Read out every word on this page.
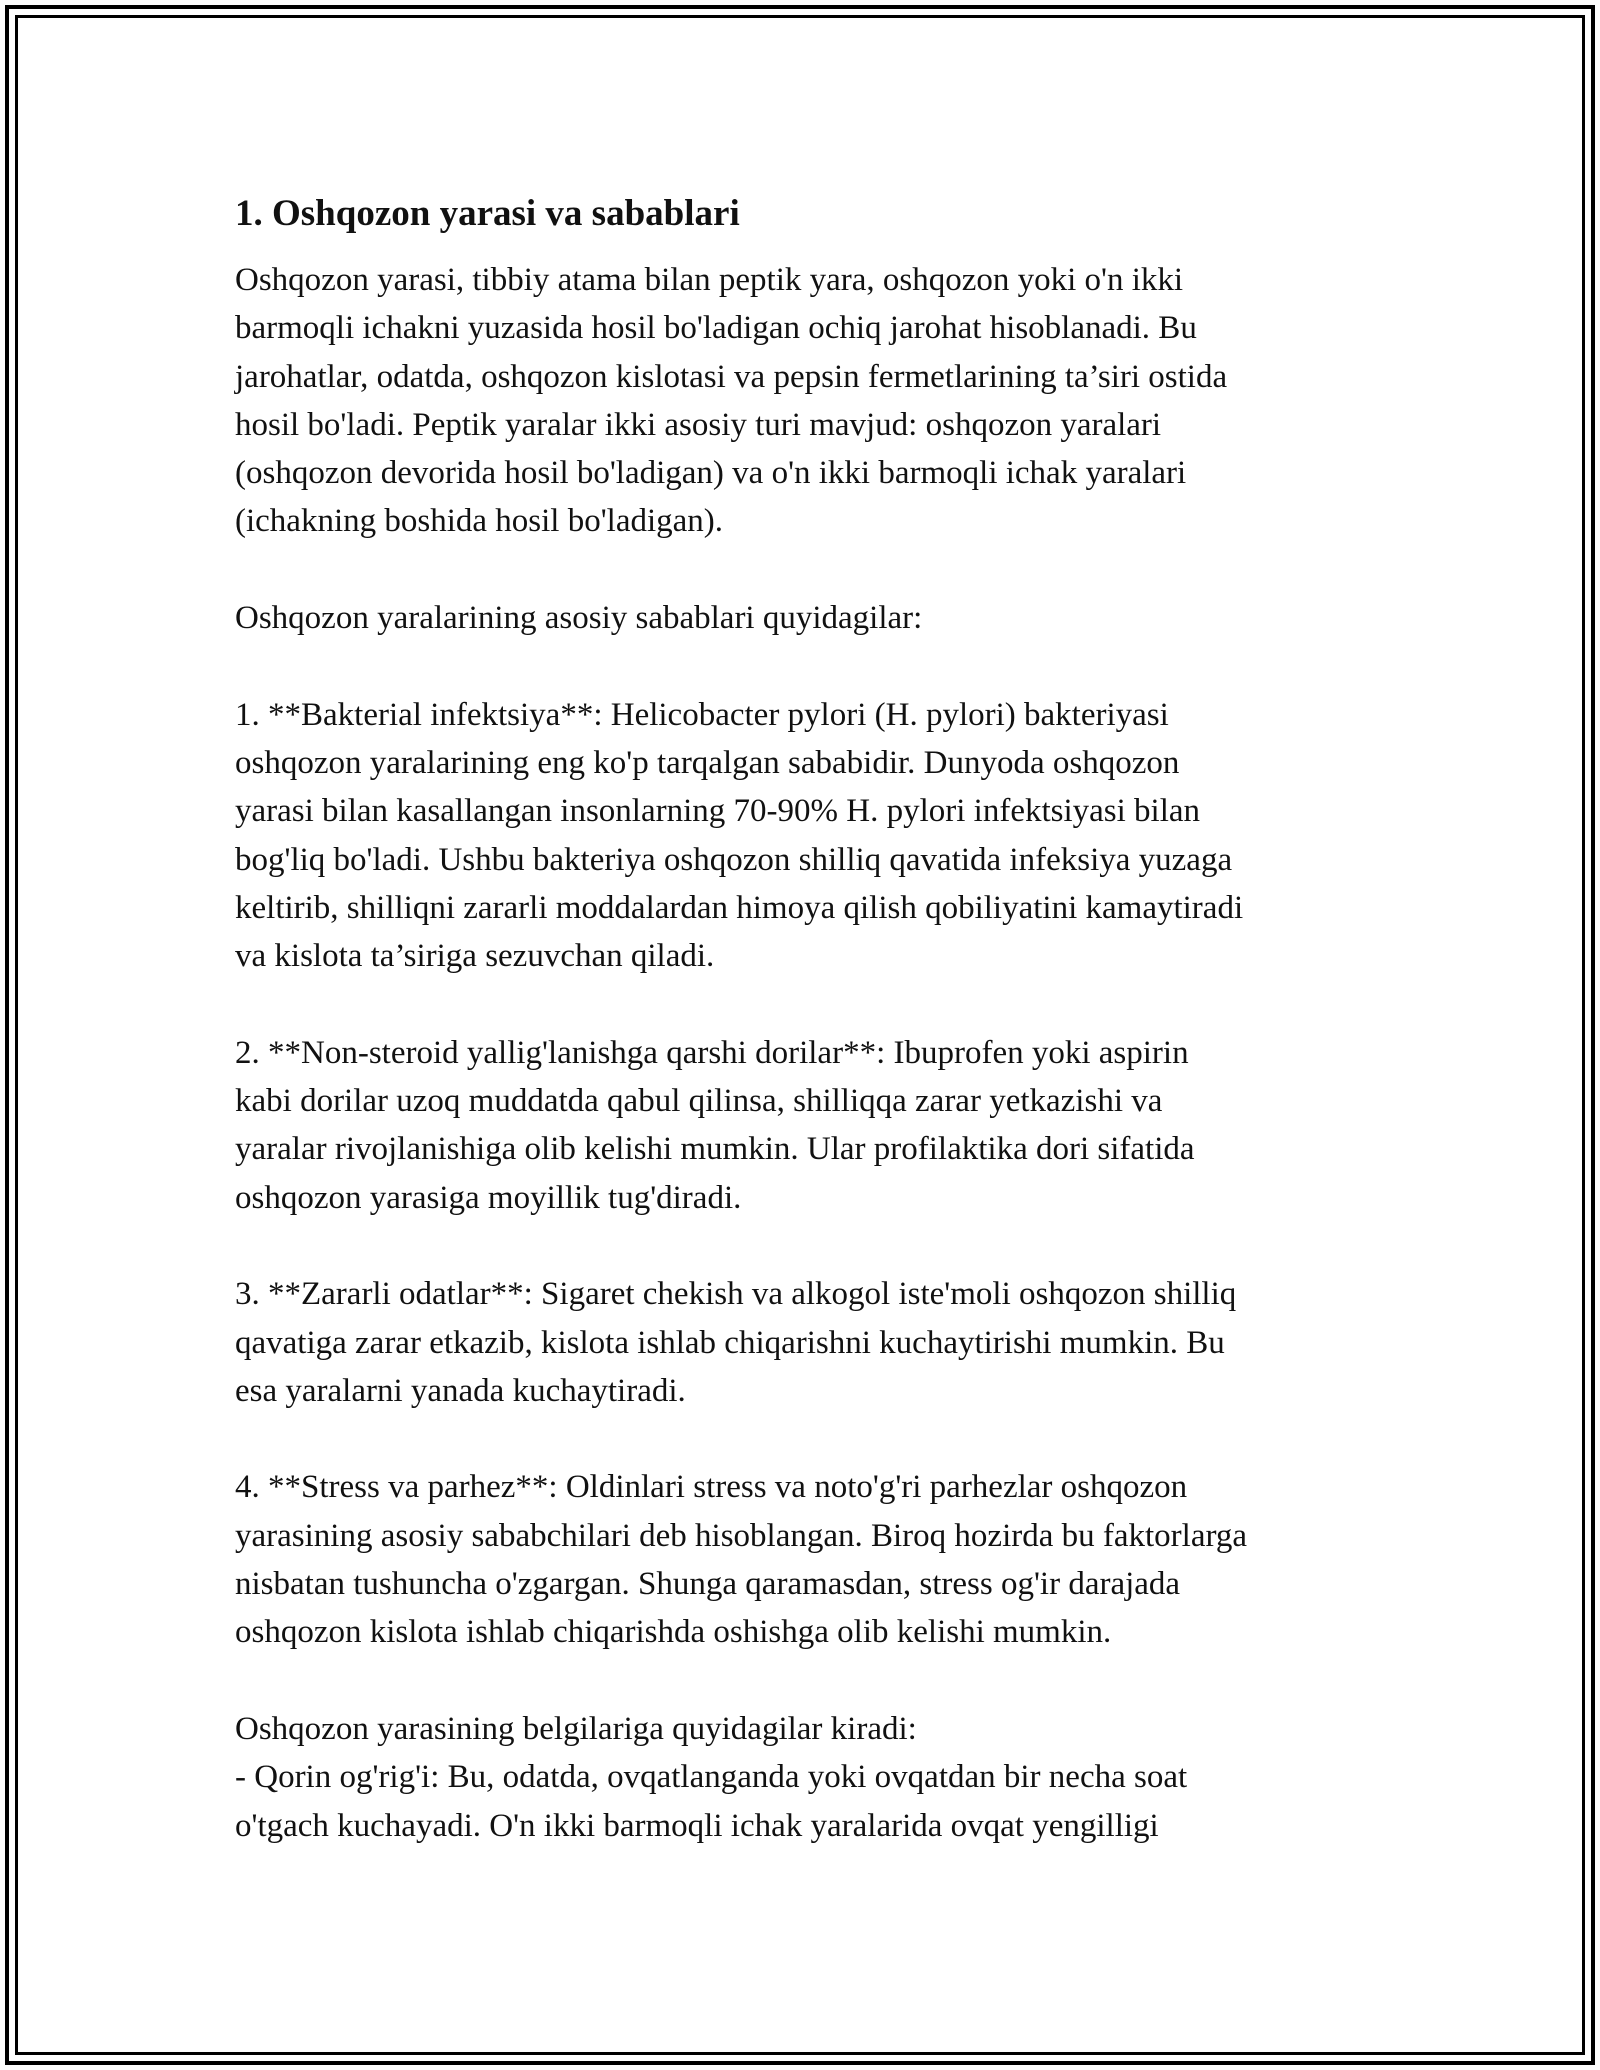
1. Oshqozon yarasi va sabablari
Oshqozon yarasi, tibbiy atama bilan peptik yara, oshqozon yoki o'n ikki
barmoqli ichakni yuzasida hosil bo'ladigan ochiq jarohat hisoblanadi. Bu
jarohatlar, odatda, oshqozon kislotasi va pepsin fermetlarining ta’siri ostida
hosil bo'ladi. Peptik yaralar ikki asosiy turi mavjud: oshqozon yaralari
(oshqozon devorida hosil bo'ladigan) va o'n ikki barmoqli ichak yaralari
(ichakning boshida hosil bo'ladigan).
Oshqozon yaralarining asosiy sabablari quyidagilar:
1. **Bakterial infektsiya**: Helicobacter pylori (H. pylori) bakteriyasi
oshqozon yaralarining eng ko'p tarqalgan sababidir. Dunyoda oshqozon
yarasi bilan kasallangan insonlarning 70-90% H. pylori infektsiyasi bilan
bog'liq bo'ladi. Ushbu bakteriya oshqozon shilliq qavatida infeksiya yuzaga
keltirib, shilliqni zararli moddalardan himoya qilish qobiliyatini kamaytiradi
va kislota ta’siriga sezuvchan qiladi.
2. **Non-steroid yallig'lanishga qarshi dorilar**: Ibuprofen yoki aspirin
kabi dorilar uzoq muddatda qabul qilinsa, shilliqqa zarar yetkazishi va
yaralar rivojlanishiga olib kelishi mumkin. Ular profilaktika dori sifatida
oshqozon yarasiga moyillik tug'diradi.
3. **Zararli odatlar**: Sigaret chekish va alkogol iste'moli oshqozon shilliq
qavatiga zarar etkazib, kislota ishlab chiqarishni kuchaytirishi mumkin. Bu
esa yaralarni yanada kuchaytiradi.
4. **Stress va parhez**: Oldinlari stress va noto'g'ri parhezlar oshqozon
yarasining asosiy sababchilari deb hisoblangan. Biroq hozirda bu faktorlarga
nisbatan tushuncha o'zgargan. Shunga qaramasdan, stress og'ir darajada
oshqozon kislota ishlab chiqarishda oshishga olib kelishi mumkin.
Oshqozon yarasining belgilariga quyidagilar kiradi:
- Qorin og'rig'i: Bu, odatda, ovqatlanganda yoki ovqatdan bir necha soat
o'tgach kuchayadi. O'n ikki barmoqli ichak yaralarida ovqat yengilligi
